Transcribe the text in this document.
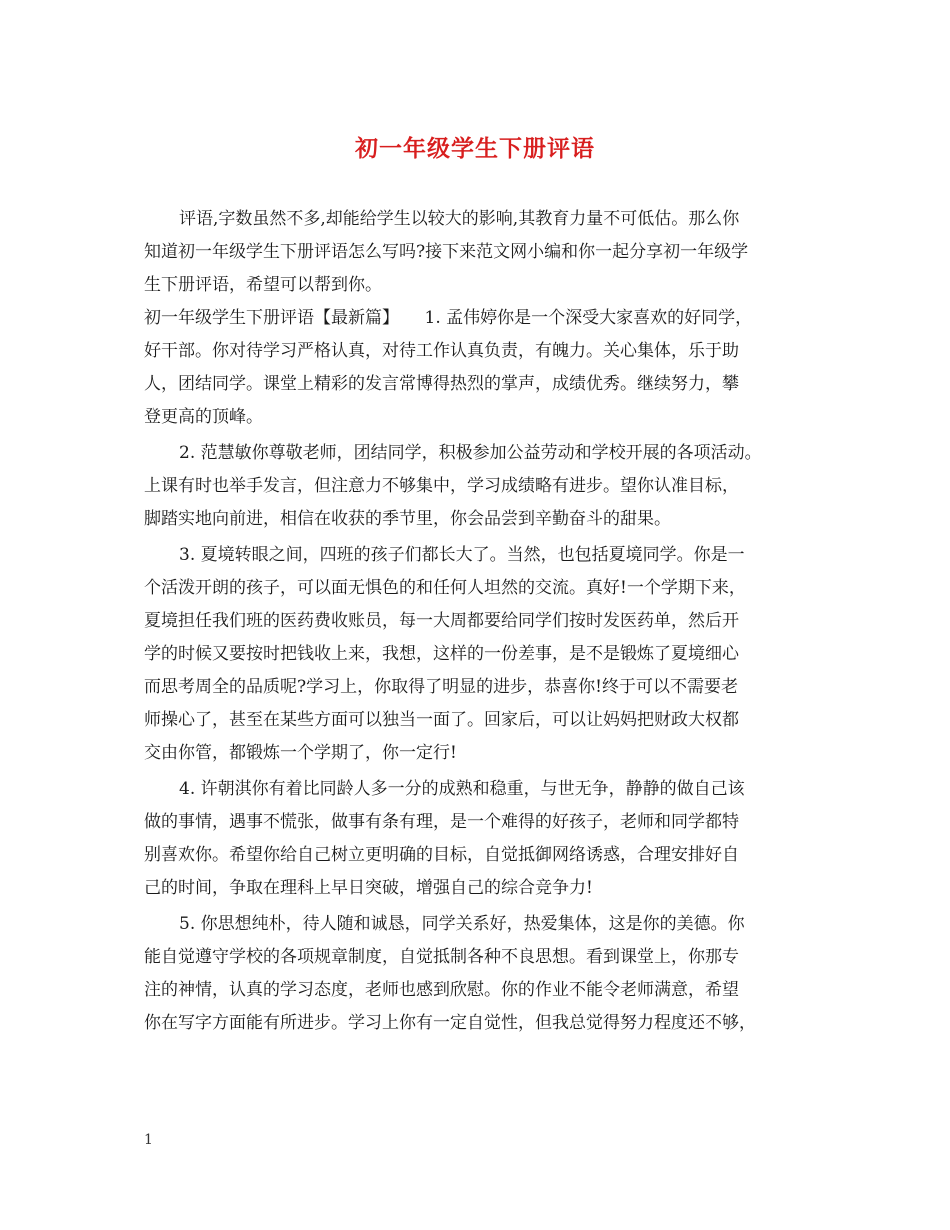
初一年级学生下册评语
评语,字数虽然不多,却能给学生以较大的影响,其教育力量不可低估。那么你
知道初一年级学生下册评语怎么写吗?接下来范文网小编和你一起分享初一年级学
生下册评语，希望可以帮到你。
初一年级学生下册评语【最新篇】　　1. 孟伟婷你是一个深受大家喜欢的好同学，
好干部。你对待学习严格认真，对待工作认真负责，有魄力。关心集体，乐于助
人，团结同学。课堂上精彩的发言常博得热烈的掌声，成绩优秀。继续努力，攀
登更高的顶峰。
2. 范慧敏你尊敬老师，团结同学，积极参加公益劳动和学校开展的各项活动。
上课有时也举手发言，但注意力不够集中，学习成绩略有进步。望你认准目标，
脚踏实地向前进，相信在收获的季节里，你会品尝到辛勤奋斗的甜果。
3. 夏境转眼之间，四班的孩子们都长大了。当然，也包括夏境同学。你是一
个活泼开朗的孩子，可以面无惧色的和任何人坦然的交流。真好!一个学期下来，
夏境担任我们班的医药费收账员，每一大周都要给同学们按时发医药单，然后开
学的时候又要按时把钱收上来，我想，这样的一份差事，是不是锻炼了夏境细心
而思考周全的品质呢?学习上，你取得了明显的进步，恭喜你!终于可以不需要老
师操心了，甚至在某些方面可以独当一面了。回家后，可以让妈妈把财政大权都
交由你管，都锻炼一个学期了，你一定行!
4. 许朝淇你有着比同龄人多一分的成熟和稳重，与世无争，静静的做自己该
做的事情，遇事不慌张，做事有条有理，是一个难得的好孩子，老师和同学都特
别喜欢你。希望你给自己树立更明确的目标，自觉抵御网络诱惑，合理安排好自
己的时间，争取在理科上早日突破，增强自己的综合竞争力!
5. 你思想纯朴，待人随和诚恳，同学关系好，热爱集体，这是你的美德。你
能自觉遵守学校的各项规章制度，自觉抵制各种不良思想。看到课堂上，你那专
注的神情，认真的学习态度，老师也感到欣慰。你的作业不能令老师满意，希望
你在写字方面能有所进步。学习上你有一定自觉性，但我总觉得努力程度还不够，
1
